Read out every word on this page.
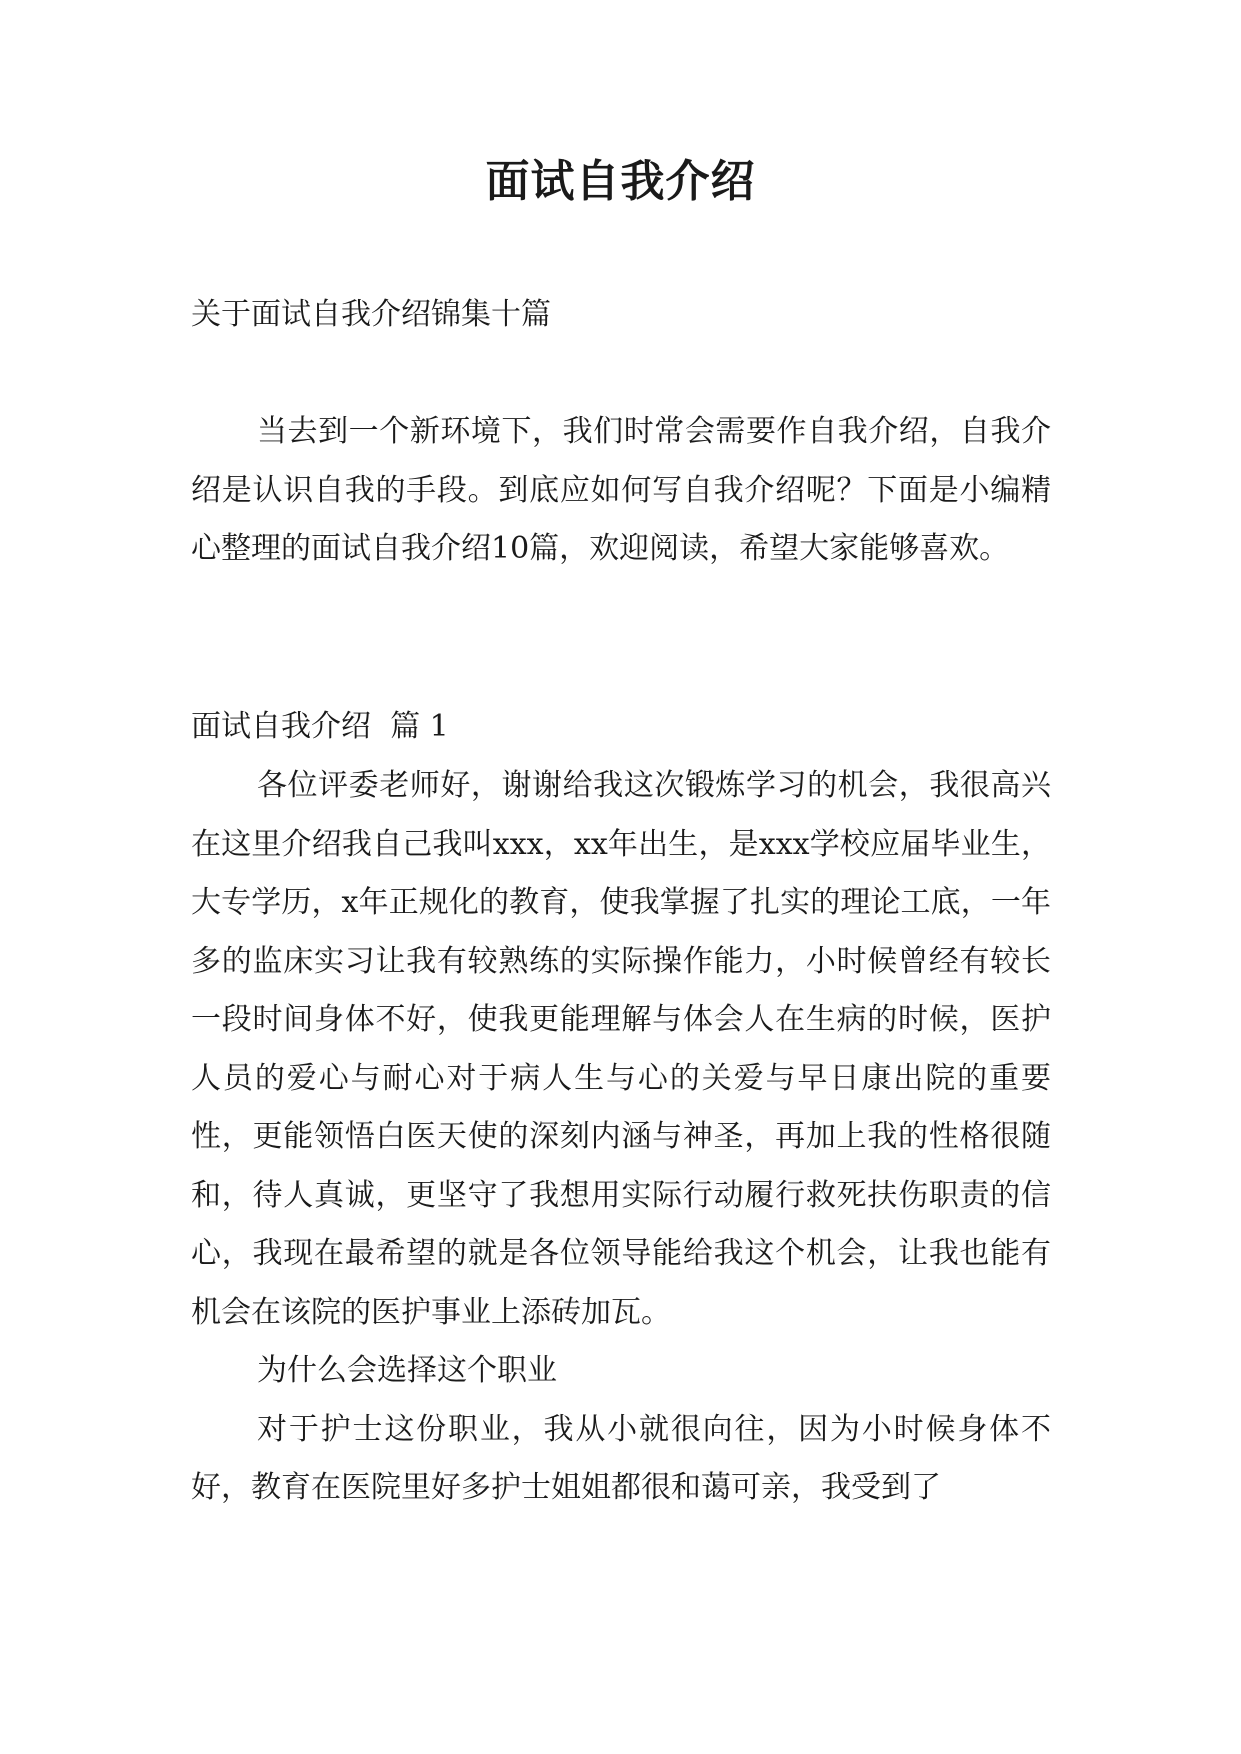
面试自我介绍

关于面试自我介绍锦集十篇

当去到一个新环境下，我们时常会需要作自我介绍，自我介绍是认识自我的手段。到底应如何写自我介绍呢？下面是小编精心整理的面试自我介绍10篇，欢迎阅读，希望大家能够喜欢。

面试自我介绍  篇 1

各位评委老师好，谢谢给我这次锻炼学习的机会，我很高兴在这里介绍我自己我叫xxx，xx年出生，是xxx学校应届毕业生，大专学历，x年正规化的教育，使我掌握了扎实的理论工底，一年多的监床实习让我有较熟练的实际操作能力，小时候曾经有较长一段时间身体不好，使我更能理解与体会人在生病的时候，医护人员的爱心与耐心对于病人生与心的关爱与早日康出院的重要性，更能领悟白医天使的深刻内涵与神圣，再加上我的性格很随和，待人真诚，更坚守了我想用实际行动履行救死扶伤职责的信心，我现在最希望的就是各位领导能给我这个机会，让我也能有机会在该院的医护事业上添砖加瓦。

为什么会选择这个职业

对于护士这份职业，我从小就很向往，因为小时候身体不好，教育在医院里好多护士姐姐都很和蔼可亲，我受到了
